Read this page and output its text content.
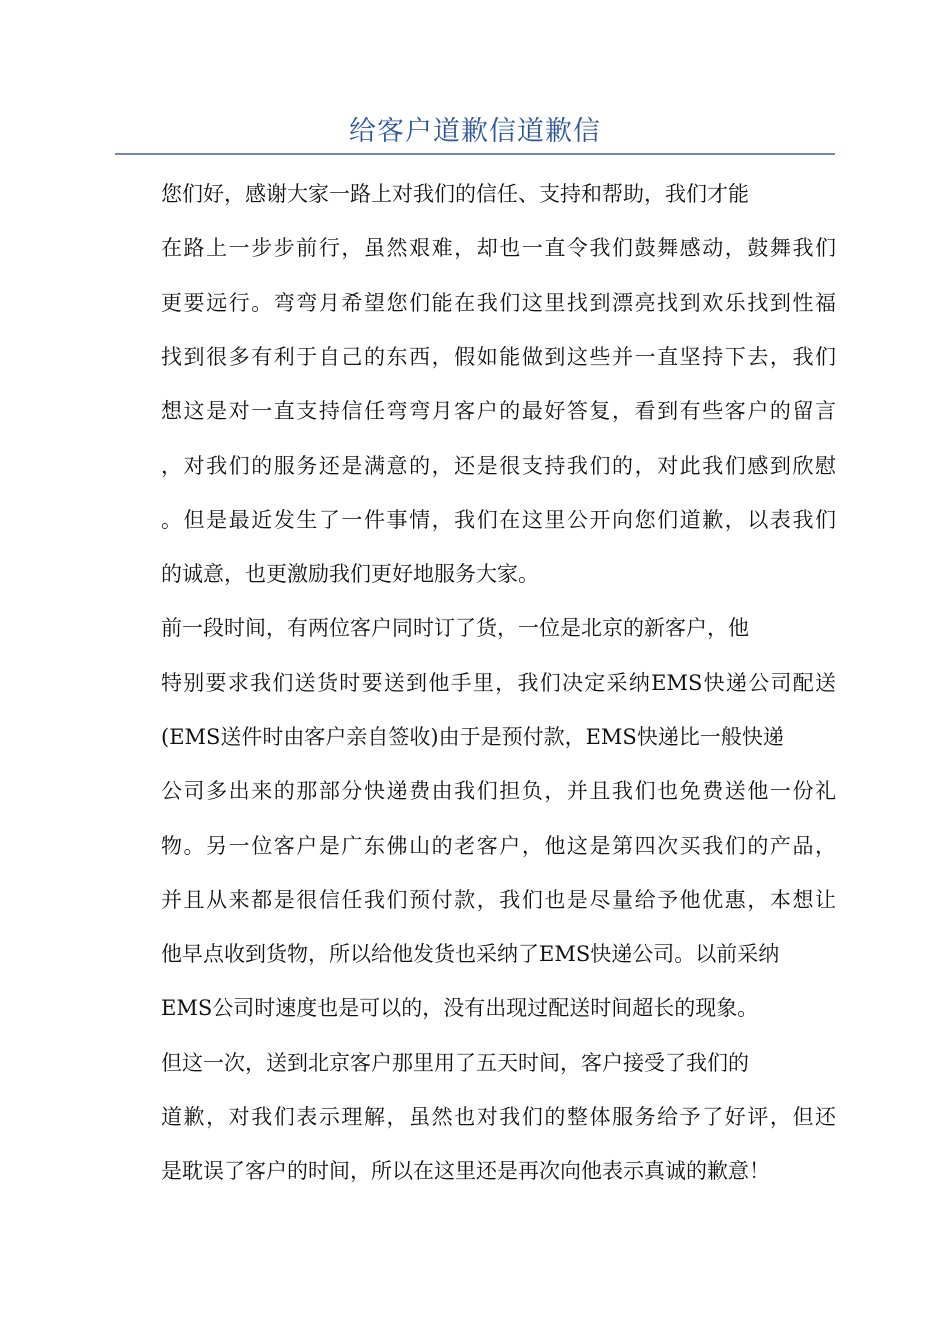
给客户道歉信道歉信
您们好，感谢大家一路上对我们的信任、支持和帮助，我们才能
在路上一步步前行，虽然艰难，却也一直令我们鼓舞感动，鼓舞我们
更要远行。弯弯月希望您们能在我们这里找到漂亮找到欢乐找到性福
找到很多有利于自己的东西，假如能做到这些并一直坚持下去，我们
想这是对一直支持信任弯弯月客户的最好答复，看到有些客户的留言
，对我们的服务还是满意的，还是很支持我们的，对此我们感到欣慰
。但是最近发生了一件事情，我们在这里公开向您们道歉，以表我们
的诚意，也更激励我们更好地服务大家。
前一段时间，有两位客户同时订了货，一位是北京的新客户，他
特别要求我们送货时要送到他手里，我们决定采纳EMS快递公司配送
(EMS送件时由客户亲自签收)由于是预付款，EMS快递比一般快递
公司多出来的那部分快递费由我们担负，并且我们也免费送他一份礼
物。另一位客户是广东佛山的老客户，他这是第四次买我们的产品，
并且从来都是很信任我们预付款，我们也是尽量给予他优惠，本想让
他早点收到货物，所以给他发货也采纳了EMS快递公司。以前采纳
EMS公司时速度也是可以的，没有出现过配送时间超长的现象。
但这一次，送到北京客户那里用了五天时间，客户接受了我们的
道歉，对我们表示理解，虽然也对我们的整体服务给予了好评，但还
是耽误了客户的时间，所以在这里还是再次向他表示真诚的歉意！
